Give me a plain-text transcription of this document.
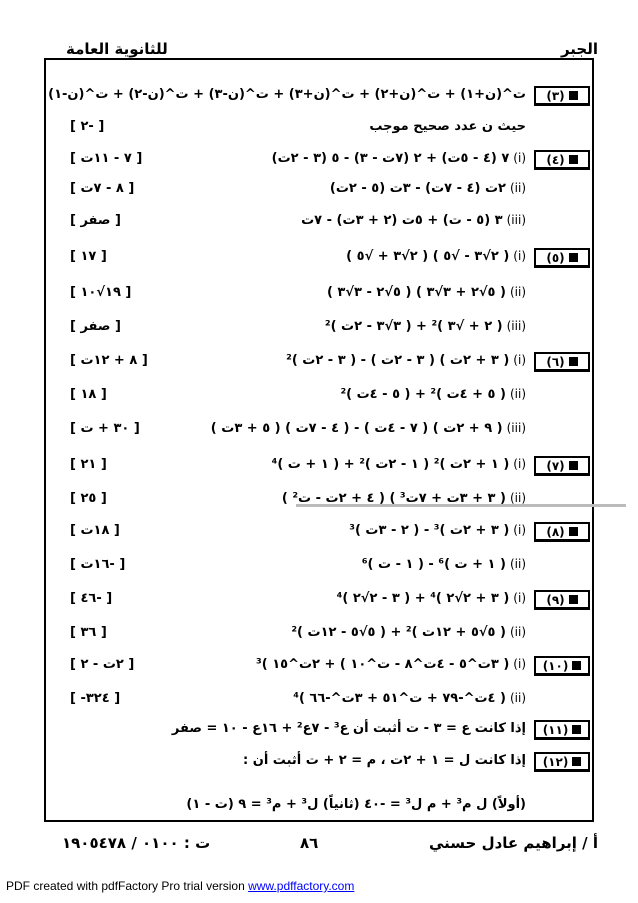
للثانوية العامة	الجبر
(٣)
ت^(ن+١) + ت^(ن+٢) + ت^(ن+٣) + ت^(ن-٣) + ت^(ن-٢) + ت^(ن-١)
حيث ن عدد صحيح موجب
[ -٢ ]
(٤)
(i)٧ (٤ - ٥ت) + ٢ (٧ت - ٣) - ٥ (٣ - ٢ت)
[ ٧ - ١١ت ]
(ii)٢ت (٤ - ٧ت) - ٣ت (٥ - ٢ت)
[ ٨ - ٧ت ]
(iii)٣ (٥ - ت) + ٥ت (٢ + ٣ت) - ٧ت
[ صفر ]
(٥)
(i)( ٢√٣ - √٥ ) ( ٢√٣ + √٥ )
[ ١٧ ]
(ii)( ٥√٢ + ٣√٣ ) ( ٥√٢ - ٣√٣ )
[ ١٩√١٠ ]
(iii)( ٢ + √٣ )² + ( ٣√٣ - ٢ت )²
[ صفر ]
(٦)
(i)( ٣ + ٢ت ) ( ٣ - ٢ت ) - ( ٣ - ٢ت )²
[ ٨ + ١٢ت ]
(ii)( ٥ + ٤ت )² + ( ٥ - ٤ت )²
[ ١٨ ]
(iii)( ٩ + ٢ت ) ( ٧ - ٤ت ) - ( ٤ - ٧ت ) ( ٥ + ٣ت )
[ ٣٠ + ت ]
(٧)
(i)( ١ + ٢ت )² ( ١ - ٢ت )² + ( ١ + ت )⁴
[ ٢١ ]
(ii)( ٣ + ٣ت + ٧ت³ ) ( ٤ + ٢ت - ت² )
[ ٢٥ ]
(٨)
(i)( ٣ + ٢ت )³ - ( ٢ - ٣ت )³
[ ١٨ت ]
(ii)( ١ + ت )⁶ - ( ١ - ت )⁶
[ -١٦ت ]
(٩)
(i)( ٣ + ٢√٢ )⁴ + ( ٣ - ٢√٢ )⁴
[ -٤٦ ]
(ii)( ٥√٥ + ١٢ت )² + ( ٥√٥ - ١٢ت )²
[ ٣٦ ]
(١٠)
(i)( ٣ت^٥ - ٤ت^٨ - ت^١٠ ) + ٢ت^١٥ )³
[ ٢ت - ٢ ]
(ii)( ٤ت^-٧٩ + ت^٥١ + ٣ت^-٦٦ )⁴
[ ٣٢٤- ]
(١١)
إذا كانت ع = ٣ - ت أثبت أن ع³ - ٧ع² + ١٦ع - ١٠ = صفر
(١٢)
إذا كانت ل = ١ + ٢ت ، م = ٢ + ت أثبت أن :
(أولاً) ل م³ + م ل³ = -٤٠ (ثانياً) ل³ + م³ = ٩ (ت - ١)
أ / إبراهيم عادل حسني
٨٦
ت : ٠١٠٠ / ١٩٠٥٤٧٨
PDF created with pdfFactory Pro trial version www.pdffactory.com
